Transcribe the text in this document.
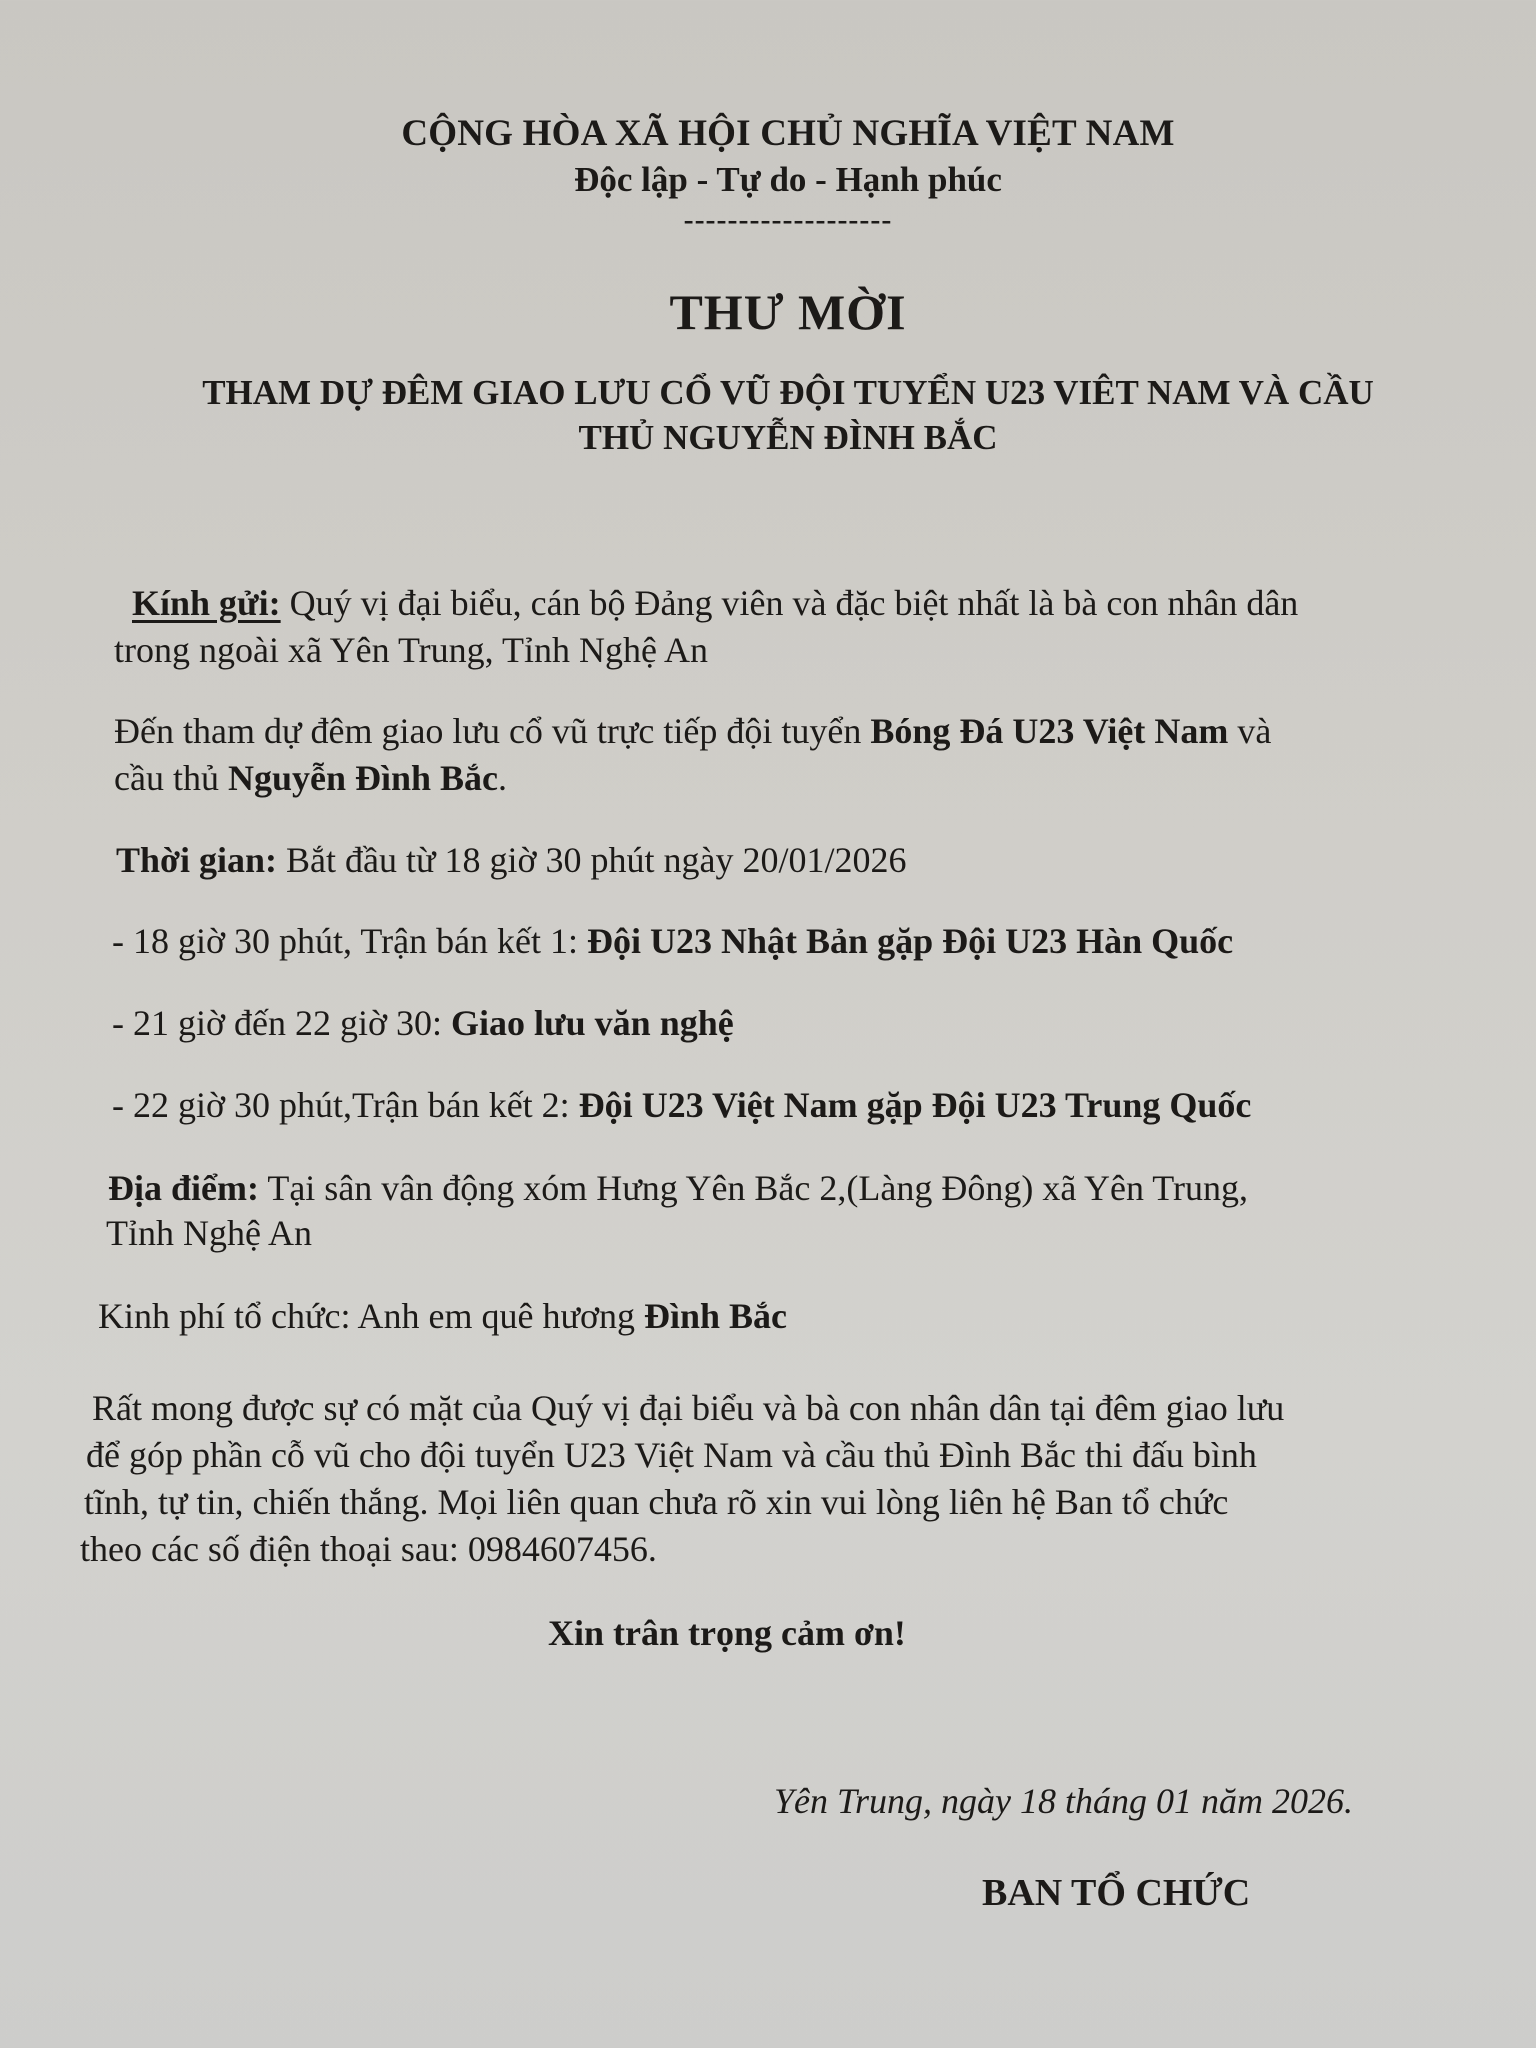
CỘNG HÒA XÃ HỘI CHỦ NGHĨA VIỆT NAM
Độc lập - Tự do - Hạnh phúc
-------------------
THƯ MỜI
THAM DỰ ĐÊM GIAO LƯU CỔ VŨ ĐỘI TUYỂN U23 VIÊT NAM VÀ CẦU
THỦ NGUYỄN ĐÌNH BẮC
Kính gửi: Quý vị đại biểu, cán bộ Đảng viên và đặc biệt nhất là bà con nhân dân
trong ngoài xã Yên Trung, Tỉnh Nghệ An
Đến tham dự đêm giao lưu cổ vũ trực tiếp đội tuyển Bóng Đá U23 Việt Nam và
cầu thủ Nguyễn Đình Bắc.
Thời gian: Bắt đầu từ 18 giờ 30 phút ngày 20/01/2026
- 18 giờ 30 phút, Trận bán kết 1: Đội U23 Nhật Bản gặp Đội U23 Hàn Quốc
- 21 giờ đến 22 giờ 30: Giao lưu văn nghệ
- 22 giờ 30 phút,Trận bán kết 2: Đội U23 Việt Nam gặp Đội U23 Trung Quốc
Địa điểm: Tại sân vân động xóm Hưng Yên Bắc 2,(Làng Đông) xã Yên Trung,
Tỉnh Nghệ An
Kinh phí tổ chức: Anh em quê hương Đình Bắc
Rất mong được sự có mặt của Quý vị đại biểu và bà con nhân dân tại đêm giao lưu
để góp phần cỗ vũ cho đội tuyển U23 Việt Nam và cầu thủ Đình Bắc thi đấu bình
tĩnh, tự tin, chiến thắng. Mọi liên quan chưa rõ xin vui lòng liên hệ Ban tổ chức
theo các số điện thoại sau: 0984607456.
Xin trân trọng cảm ơn!
Yên Trung, ngày 18 tháng 01 năm 2026.
BAN TỔ CHỨC
